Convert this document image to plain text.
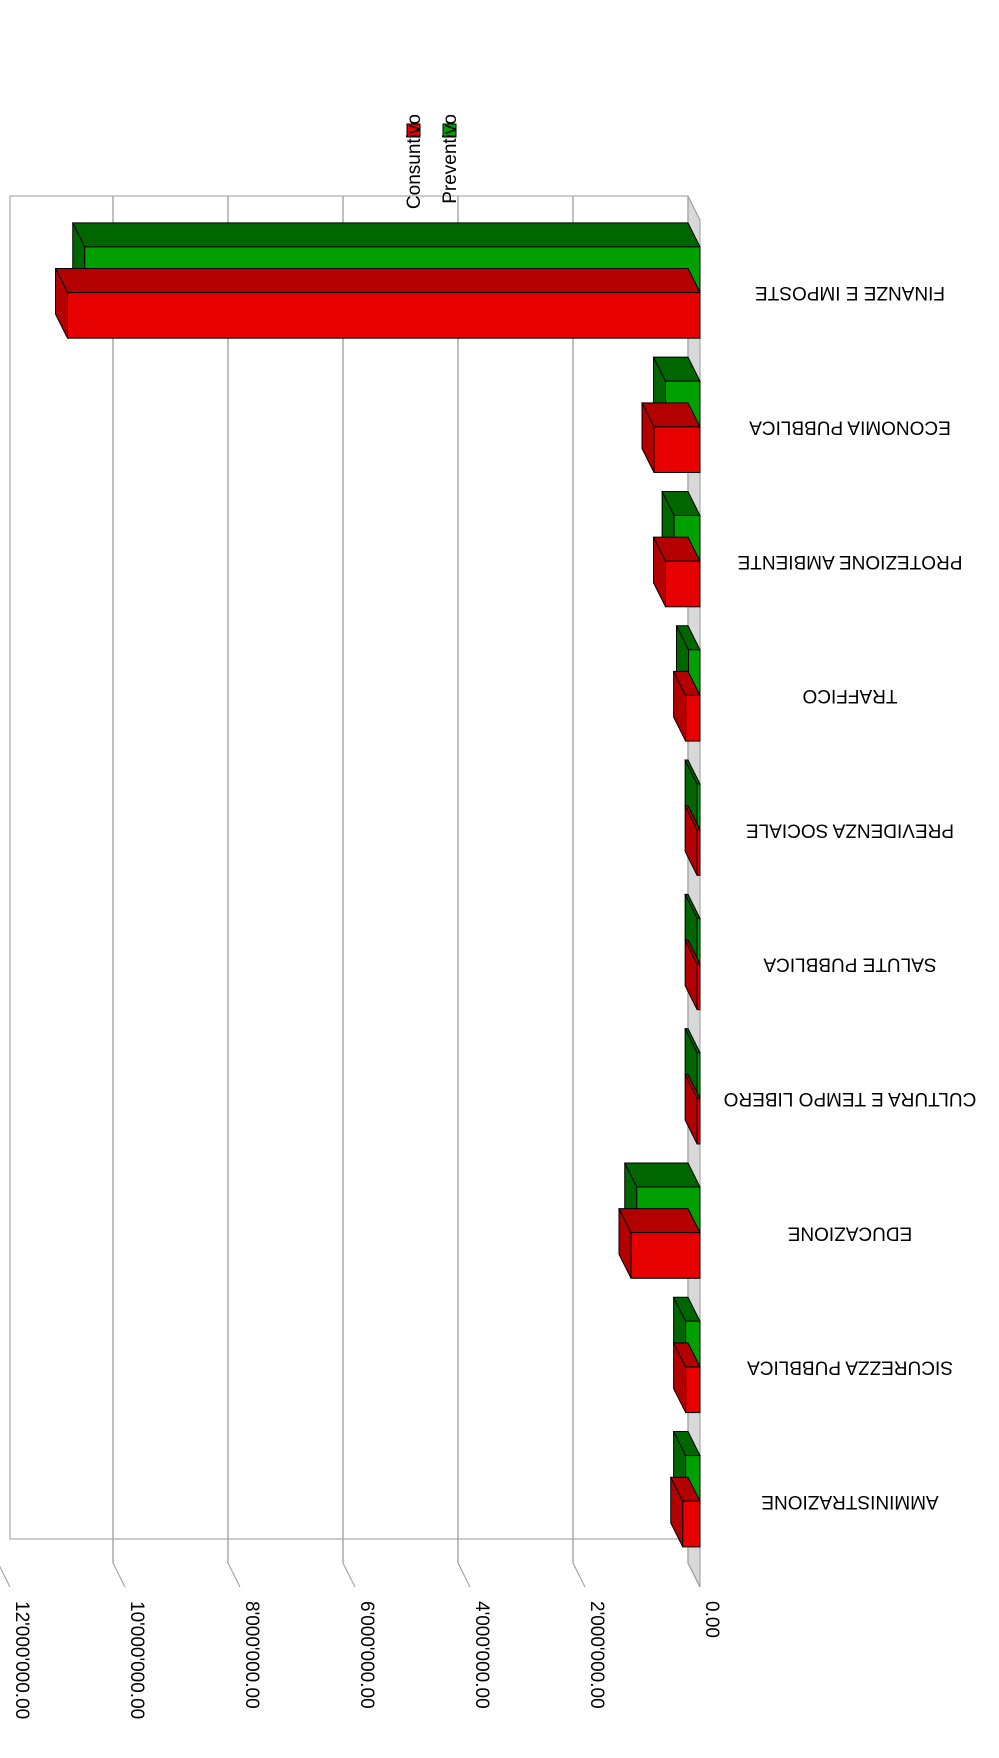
0.00
2'000'000.00
4'000'000.00
6'000'000.00
8'000'000.00
10'000'000.00
12'000'000.00
FINANZE E IMPOSTE
ECONOMIA PUBBLICA
PROTEZIONE AMBIENTE
TRAFFICO
PREVIDENZA SOCIALE
SALUTE PUBBLICA
CULTURA E TEMPO LIBERO
EDUCAZIONE
SICUREZZA PUBBLICA
AMMINISTRAZIONE
Consuntivo Preventivo
